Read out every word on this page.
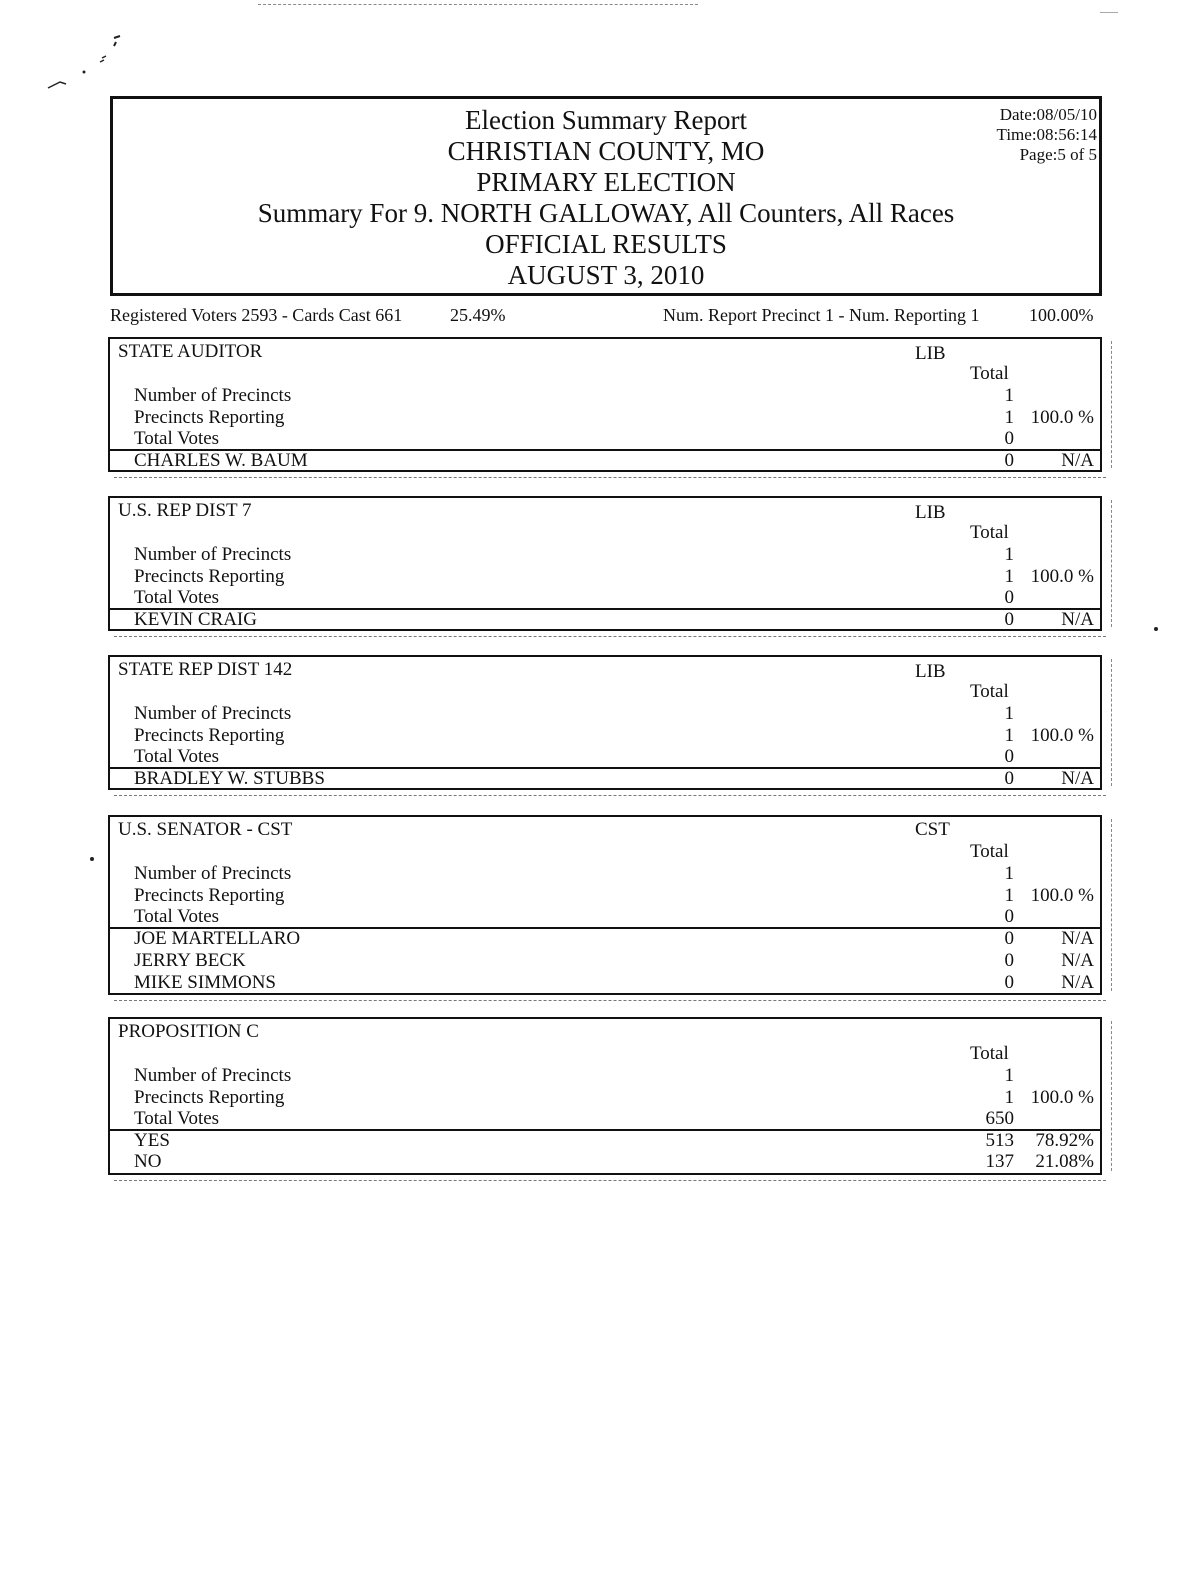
Election Summary Report
CHRISTIAN COUNTY, MO
PRIMARY ELECTION
Summary For 9. NORTH GALLOWAY, All Counters, All Races
OFFICIAL RESULTS
AUGUST 3, 2010
Date:08/05/10
Time:08:56:14
Page:5 of 5
Registered Voters 2593 - Cards Cast 661	25.49%	Num. Report Precinct 1 - Num. Reporting 1	100.00%
STATE AUDITOR	LIB
Total
Number of Precincts	1
Precincts Reporting	1 100.0 %
Total Votes	0
CHARLES W. BAUM	0 N/A
U.S. REP DIST 7	LIB
Total
Number of Precincts	1
Precincts Reporting	1 100.0 %
Total Votes	0
KEVIN CRAIG	0 N/A
STATE REP DIST 142	LIB
Total
Number of Precincts	1
Precincts Reporting	1 100.0 %
Total Votes	0
BRADLEY W. STUBBS	0 N/A
U.S. SENATOR - CST	CST
Total
Number of Precincts	1
Precincts Reporting	1 100.0 %
Total Votes	0
JOE MARTELLARO	0 N/A
JERRY BECK	0 N/A
MIKE SIMMONS	0 N/A
PROPOSITION C
Total
Number of Precincts	1
Precincts Reporting	1 100.0 %
Total Votes	650
YES	513 78.92%
NO	137 21.08%
